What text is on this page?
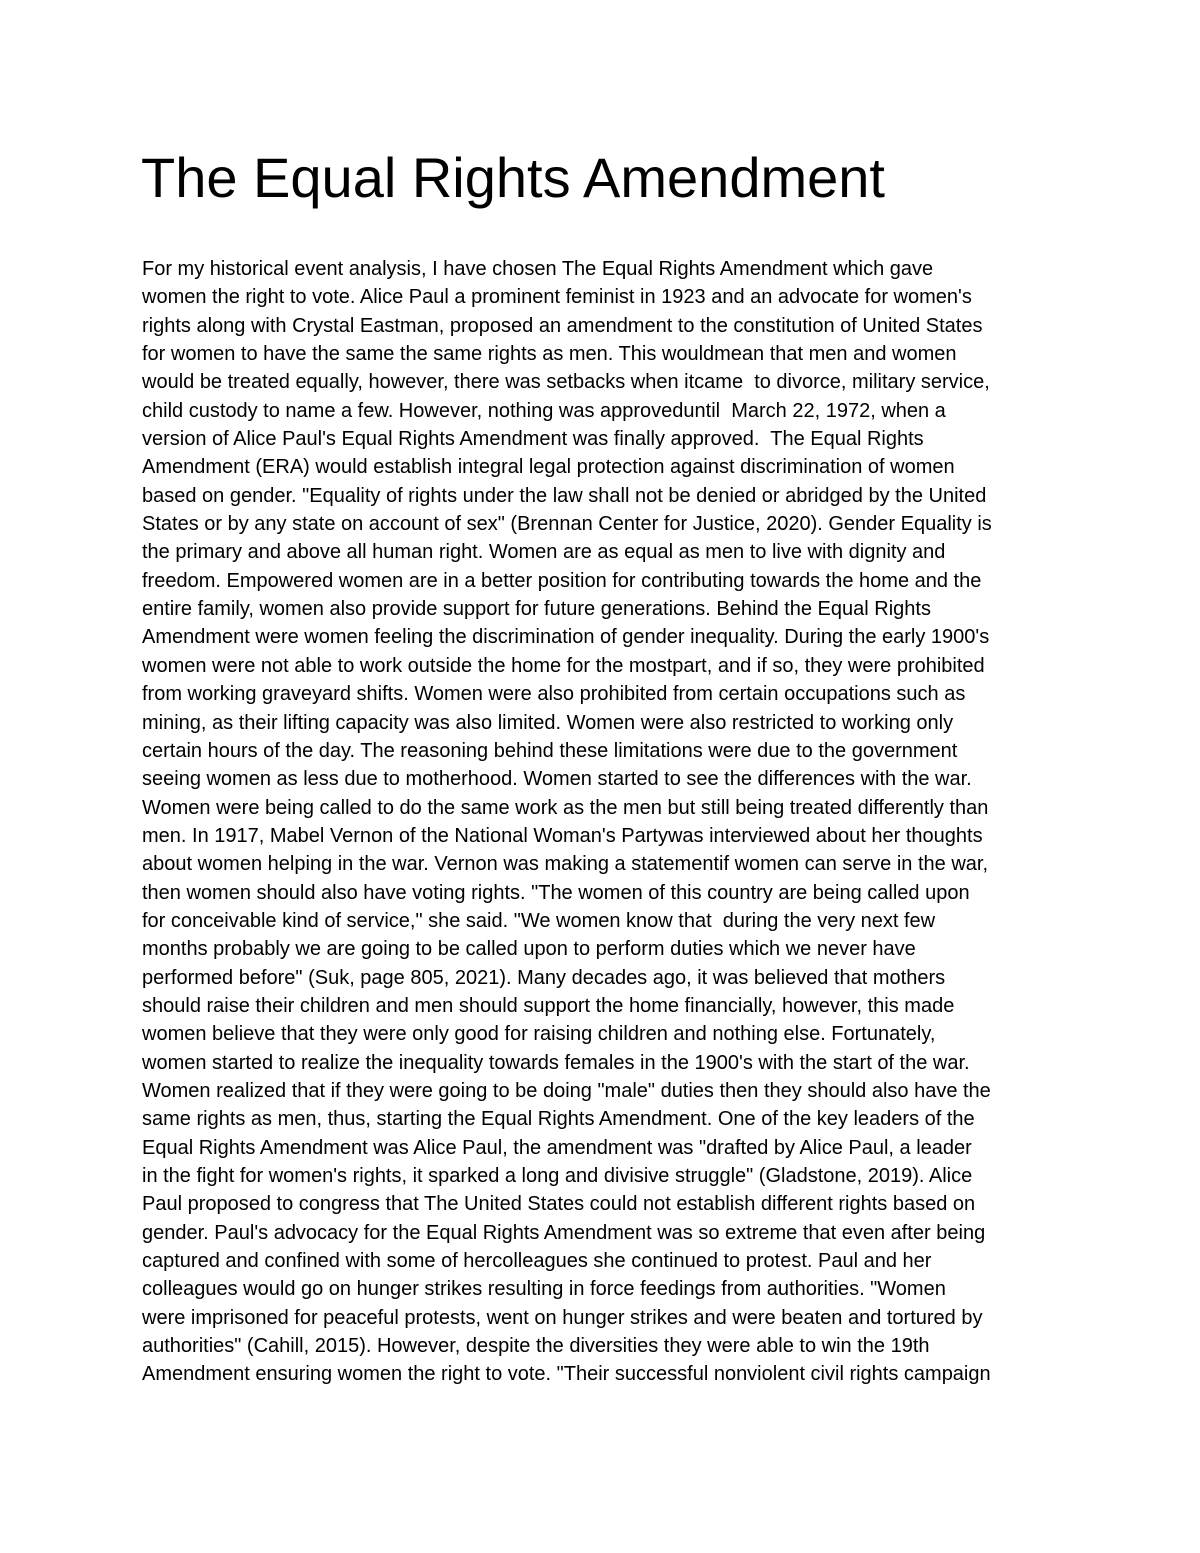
The Equal Rights Amendment
For my historical event analysis, I have chosen The Equal Rights Amendment which gave
women the right to vote. Alice Paul a prominent feminist in 1923 and an advocate for women's
rights along with Crystal Eastman, proposed an amendment to the constitution of United States
for women to have the same the same rights as men. This wouldmean that men and women
would be treated equally, however, there was setbacks when itcame  to divorce, military service,
child custody to name a few. However, nothing was approveduntil  March 22, 1972, when a
version of Alice Paul's Equal Rights Amendment was finally approved.  The Equal Rights
Amendment (ERA) would establish integral legal protection against discrimination of women
based on gender. "Equality of rights under the law shall not be denied or abridged by the United
States or by any state on account of sex" (Brennan Center for Justice, 2020). Gender Equality is
the primary and above all human right. Women are as equal as men to live with dignity and
freedom. Empowered women are in a better position for contributing towards the home and the
entire family, women also provide support for future generations. Behind the Equal Rights
Amendment were women feeling the discrimination of gender inequality. During the early 1900's
women were not able to work outside the home for the mostpart, and if so, they were prohibited
from working graveyard shifts. Women were also prohibited from certain occupations such as
mining, as their lifting capacity was also limited. Women were also restricted to working only
certain hours of the day. The reasoning behind these limitations were due to the government
seeing women as less due to motherhood. Women started to see the differences with the war.
Women were being called to do the same work as the men but still being treated differently than
men. In 1917, Mabel Vernon of the National Woman's Partywas interviewed about her thoughts
about women helping in the war. Vernon was making a statementif women can serve in the war,
then women should also have voting rights. "The women of this country are being called upon
for conceivable kind of service," she said. "We women know that  during the very next few
months probably we are going to be called upon to perform duties which we never have
performed before" (Suk, page 805, 2021). Many decades ago, it was believed that mothers
should raise their children and men should support the home financially, however, this made
women believe that they were only good for raising children and nothing else. Fortunately,
women started to realize the inequality towards females in the 1900's with the start of the war.
Women realized that if they were going to be doing "male" duties then they should also have the
same rights as men, thus, starting the Equal Rights Amendment. One of the key leaders of the
Equal Rights Amendment was Alice Paul, the amendment was "drafted by Alice Paul, a leader
in the fight for women's rights, it sparked a long and divisive struggle" (Gladstone, 2019). Alice
Paul proposed to congress that The United States could not establish different rights based on
gender. Paul's advocacy for the Equal Rights Amendment was so extreme that even after being
captured and confined with some of hercolleagues she continued to protest. Paul and her
colleagues would go on hunger strikes resulting in force feedings from authorities. "Women
were imprisoned for peaceful protests, went on hunger strikes and were beaten and tortured by
authorities" (Cahill, 2015). However, despite the diversities they were able to win the 19th
Amendment ensuring women the right to vote. "Their successful nonviolent civil rights campaign
